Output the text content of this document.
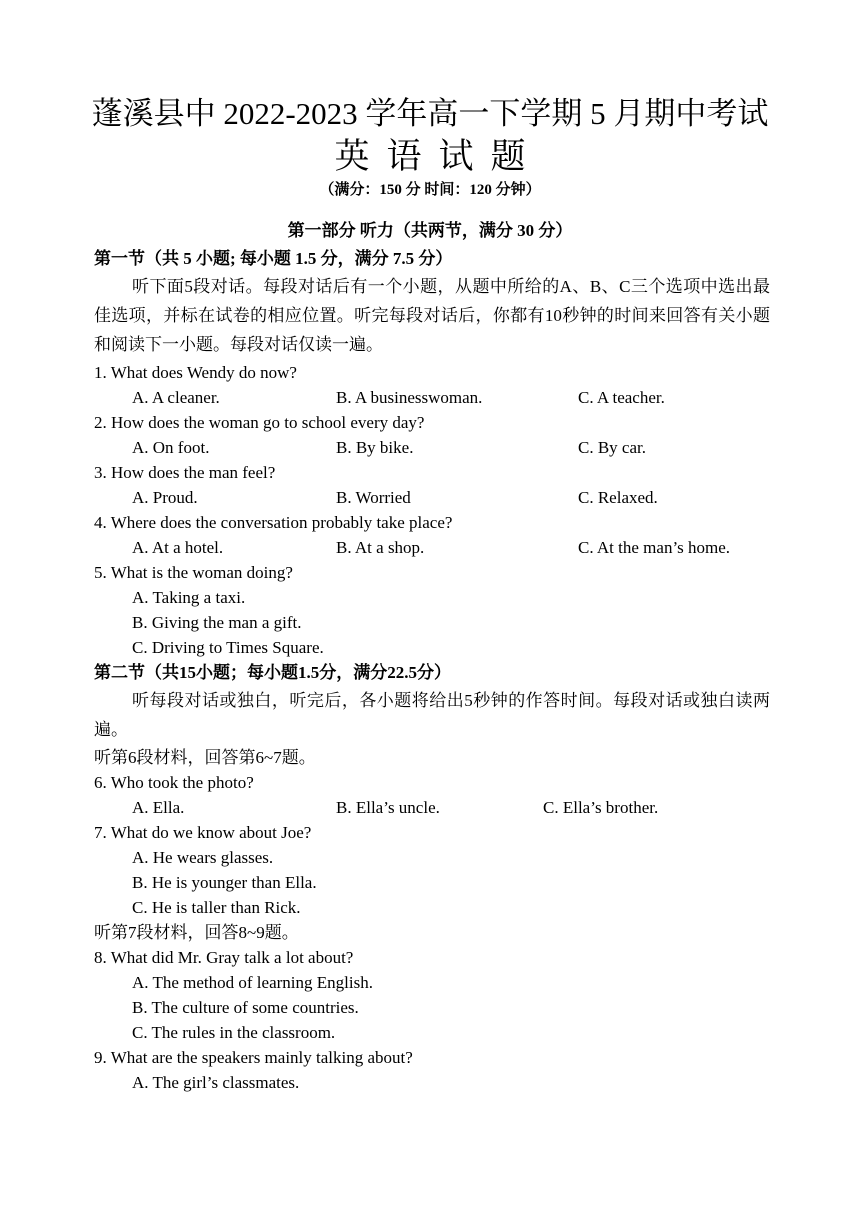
蓬溪县中 2022-2023 学年高一下学期 5 月期中考试
英语试题
（满分：150 分 时间：120 分钟）
第一部分 听力（共两节，满分 30 分）
第一节（共 5 小题; 每小题 1.5 分，满分 7.5 分）
听下面5段对话。每段对话后有一个小题，从题中所给的A、B、C三个选项中选出最佳选项，并标在试卷的相应位置。听完每段对话后，你都有10秒钟的时间来回答有关小题和阅读下一小题。每段对话仅读一遍。
1. What does Wendy do now?
A. A cleaner.	B. A businesswoman.	C. A teacher.
2. How does the woman go to school every day?
A. On foot.	B. By bike.	C. By car.
3. How does the man feel?
A. Proud.	B. Worried	C. Relaxed.
4. Where does the conversation probably take place?
A. At a hotel.	B. At a shop.	C. At the man’s home.
5. What is the woman doing?
A. Taking a taxi.
B. Giving the man a gift.
C. Driving to Times Square.
第二节（共15小题；每小题1.5分，满分22.5分）
听每段对话或独白，听完后，各小题将给出5秒钟的作答时间。每段对话或独白读两遍。
听第6段材料，回答第6~7题。
6. Who took the photo?
A. Ella.	B. Ella’s uncle.	C. Ella’s brother.
7. What do we know about Joe?
A. He wears glasses.
B. He is younger than Ella.
C. He is taller than Rick.
听第7段材料，回答8~9题。
8. What did Mr. Gray talk a lot about?
A. The method of learning English.
B. The culture of some countries.
C. The rules in the classroom.
9. What are the speakers mainly talking about?
A. The girl’s classmates.
